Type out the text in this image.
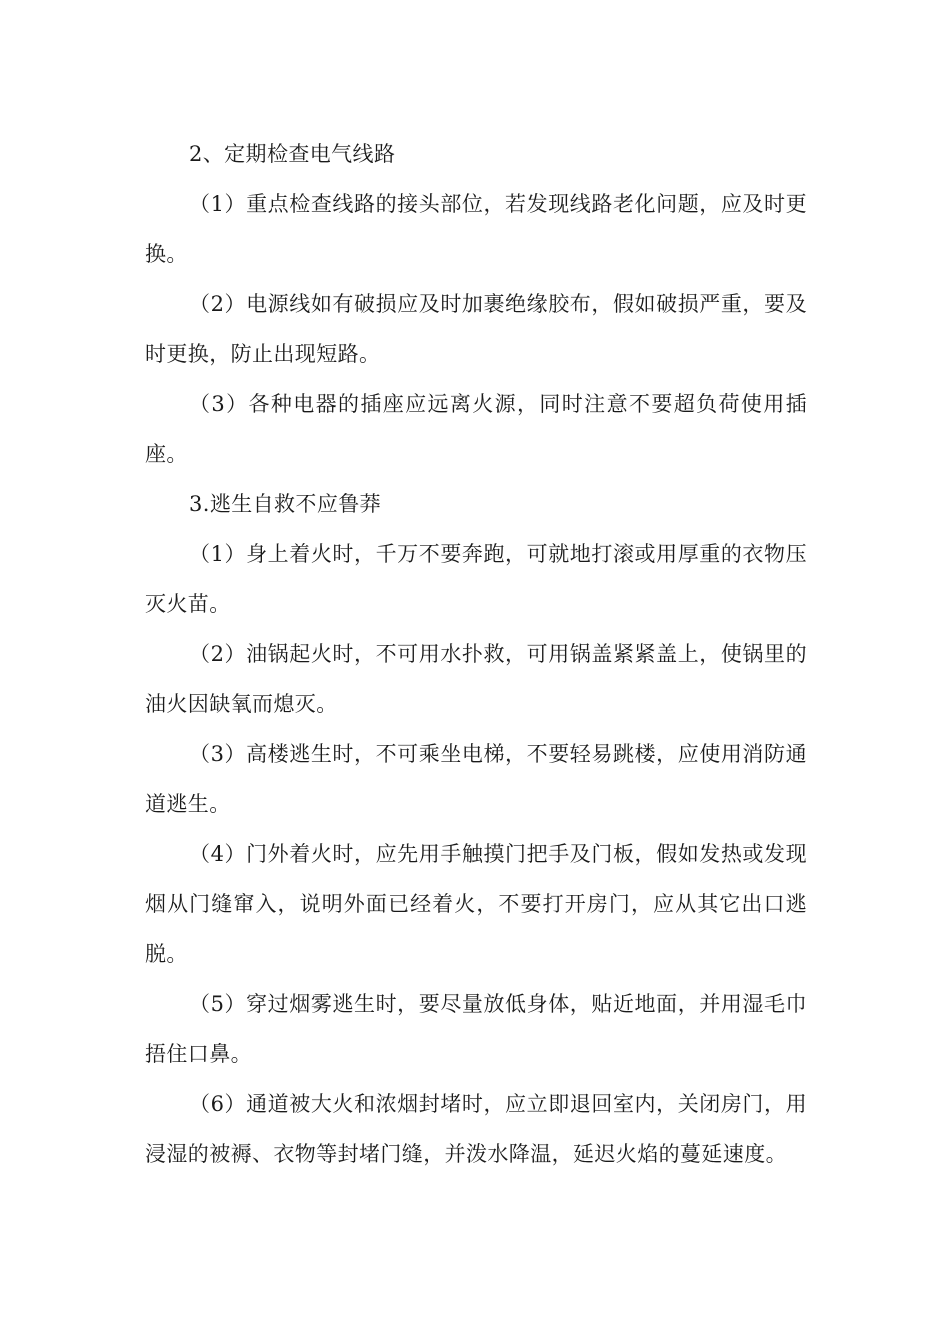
2、定期检查电气线路

（1）重点检查线路的接头部位，若发现线路老化问题，应及时更换。

（2）电源线如有破损应及时加裹绝缘胶布，假如破损严重，要及时更换，防止出现短路。

（3）各种电器的插座应远离火源，同时注意不要超负荷使用插座。

3.逃生自救不应鲁莽

（1）身上着火时，千万不要奔跑，可就地打滚或用厚重的衣物压灭火苗。

（2）油锅起火时，不可用水扑救，可用锅盖紧紧盖上，使锅里的油火因缺氧而熄灭。

（3）高楼逃生时，不可乘坐电梯，不要轻易跳楼，应使用消防通道逃生。

（4）门外着火时，应先用手触摸门把手及门板，假如发热或发现烟从门缝窜入，说明外面已经着火，不要打开房门，应从其它出口逃脱。

（5）穿过烟雾逃生时，要尽量放低身体，贴近地面，并用湿毛巾捂住口鼻。

（6）通道被大火和浓烟封堵时，应立即退回室内，关闭房门，用浸湿的被褥、衣物等封堵门缝，并泼水降温，延迟火焰的蔓延速度。
